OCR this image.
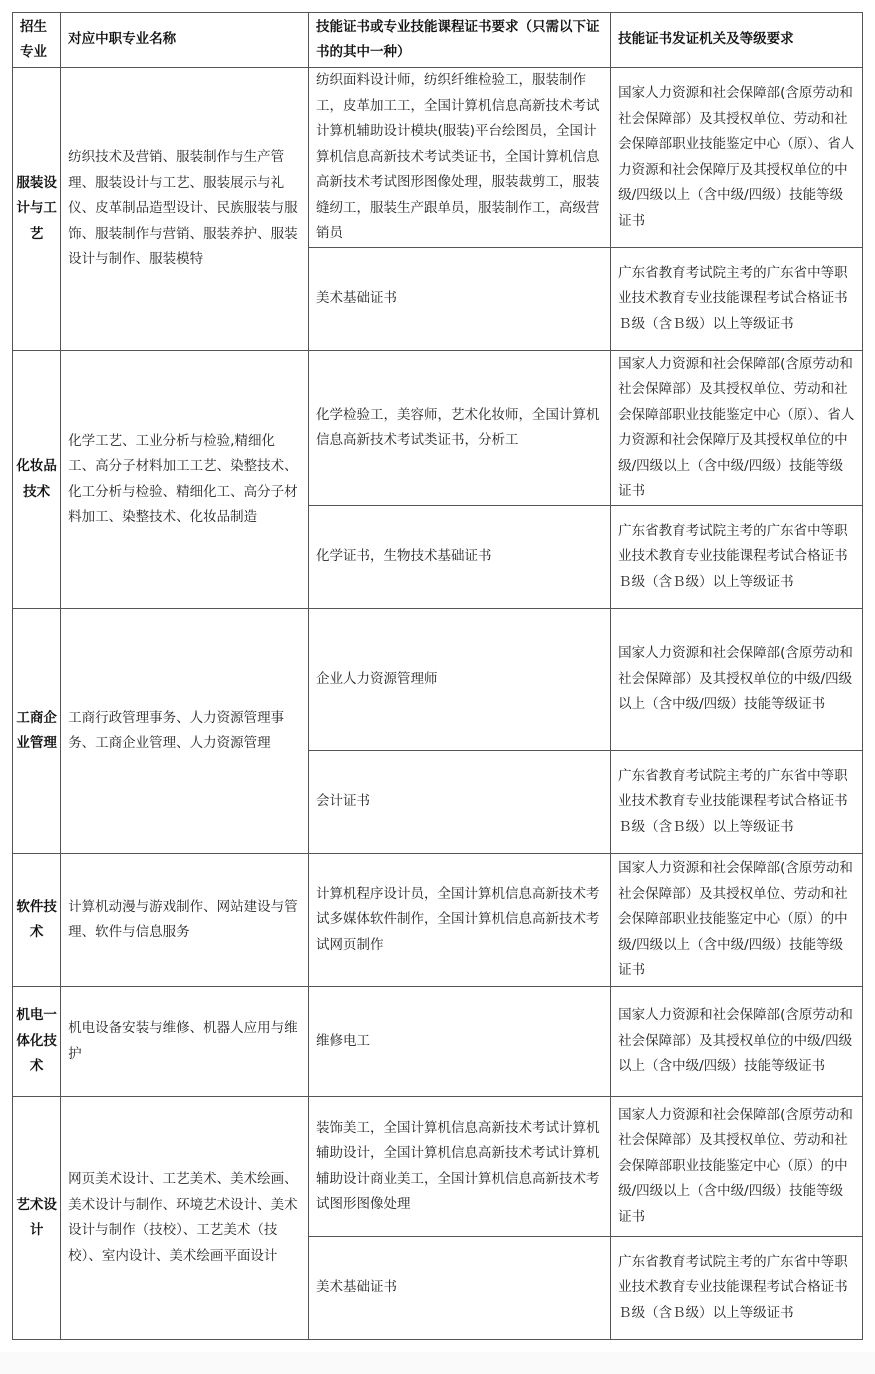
招生专业	对应中职专业名称	技能证书或专业技能课程证书要求（只需以下证书的其中一种）	技能证书发证机关及等级要求
服装设计与工艺	纺织技术及营销、服装制作与生产管理、服装设计与工艺、服装展示与礼仪、皮革制品造型设计、民族服装与服饰、服装制作与营销、服装养护、服装设计与制作、服装模特	纺织面料设计师，纺织纤维检验工，服装制作工，皮革加工工，全国计算机信息高新技术考试计算机辅助设计模块(服装)平台绘图员，全国计算机信息高新技术考试类证书，全国计算机信息高新技术考试图形图像处理，服装裁剪工，服装缝纫工，服装生产跟单员，服装制作工，高级营销员	国家人力资源和社会保障部(含原劳动和社会保障部）及其授权单位、劳动和社会保障部职业技能鉴定中心（原）、省人力资源和社会保障厅及其授权单位的中级/四级以上（含中级/四级）技能等级证书
		美术基础证书	广东省教育考试院主考的广东省中等职业技术教育专业技能课程考试合格证书Ｂ级（含Ｂ级）以上等级证书
化妆品技术	化学工艺、工业分析与检验,精细化工、高分子材料加工工艺、染整技术、化工分析与检验、精细化工、高分子材料加工、染整技术、化妆品制造	化学检验工，美容师，艺术化妆师，全国计算机信息高新技术考试类证书，分析工	国家人力资源和社会保障部(含原劳动和社会保障部）及其授权单位、劳动和社会保障部职业技能鉴定中心（原）、省人力资源和社会保障厅及其授权单位的中级/四级以上（含中级/四级）技能等级证书
		化学证书，生物技术基础证书	广东省教育考试院主考的广东省中等职业技术教育专业技能课程考试合格证书Ｂ级（含Ｂ级）以上等级证书
工商企业管理	工商行政管理事务、人力资源管理事务、工商企业管理、人力资源管理	企业人力资源管理师	国家人力资源和社会保障部(含原劳动和社会保障部）及其授权单位的中级/四级以上（含中级/四级）技能等级证书
		会计证书	广东省教育考试院主考的广东省中等职业技术教育专业技能课程考试合格证书Ｂ级（含Ｂ级）以上等级证书
软件技术	计算机动漫与游戏制作、网站建设与管理、软件与信息服务	计算机程序设计员，全国计算机信息高新技术考试多媒体软件制作，全国计算机信息高新技术考试网页制作	国家人力资源和社会保障部(含原劳动和社会保障部）及其授权单位、劳动和社会保障部职业技能鉴定中心（原）的中级/四级以上（含中级/四级）技能等级证书
机电一体化技术	机电设备安装与维修、机器人应用与维护	维修电工	国家人力资源和社会保障部(含原劳动和社会保障部）及其授权单位的中级/四级以上（含中级/四级）技能等级证书
艺术设计	网页美术设计、工艺美术、美术绘画、美术设计与制作、环境艺术设计、美术设计与制作（技校）、工艺美术（技校）、室内设计、美术绘画平面设计	装饰美工，全国计算机信息高新技术考试计算机辅助设计，全国计算机信息高新技术考试计算机辅助设计商业美工，全国计算机信息高新技术考试图形图像处理	国家人力资源和社会保障部(含原劳动和社会保障部）及其授权单位、劳动和社会保障部职业技能鉴定中心（原）的中级/四级以上（含中级/四级）技能等级证书
		美术基础证书	广东省教育考试院主考的广东省中等职业技术教育专业技能课程考试合格证书Ｂ级（含Ｂ级）以上等级证书
